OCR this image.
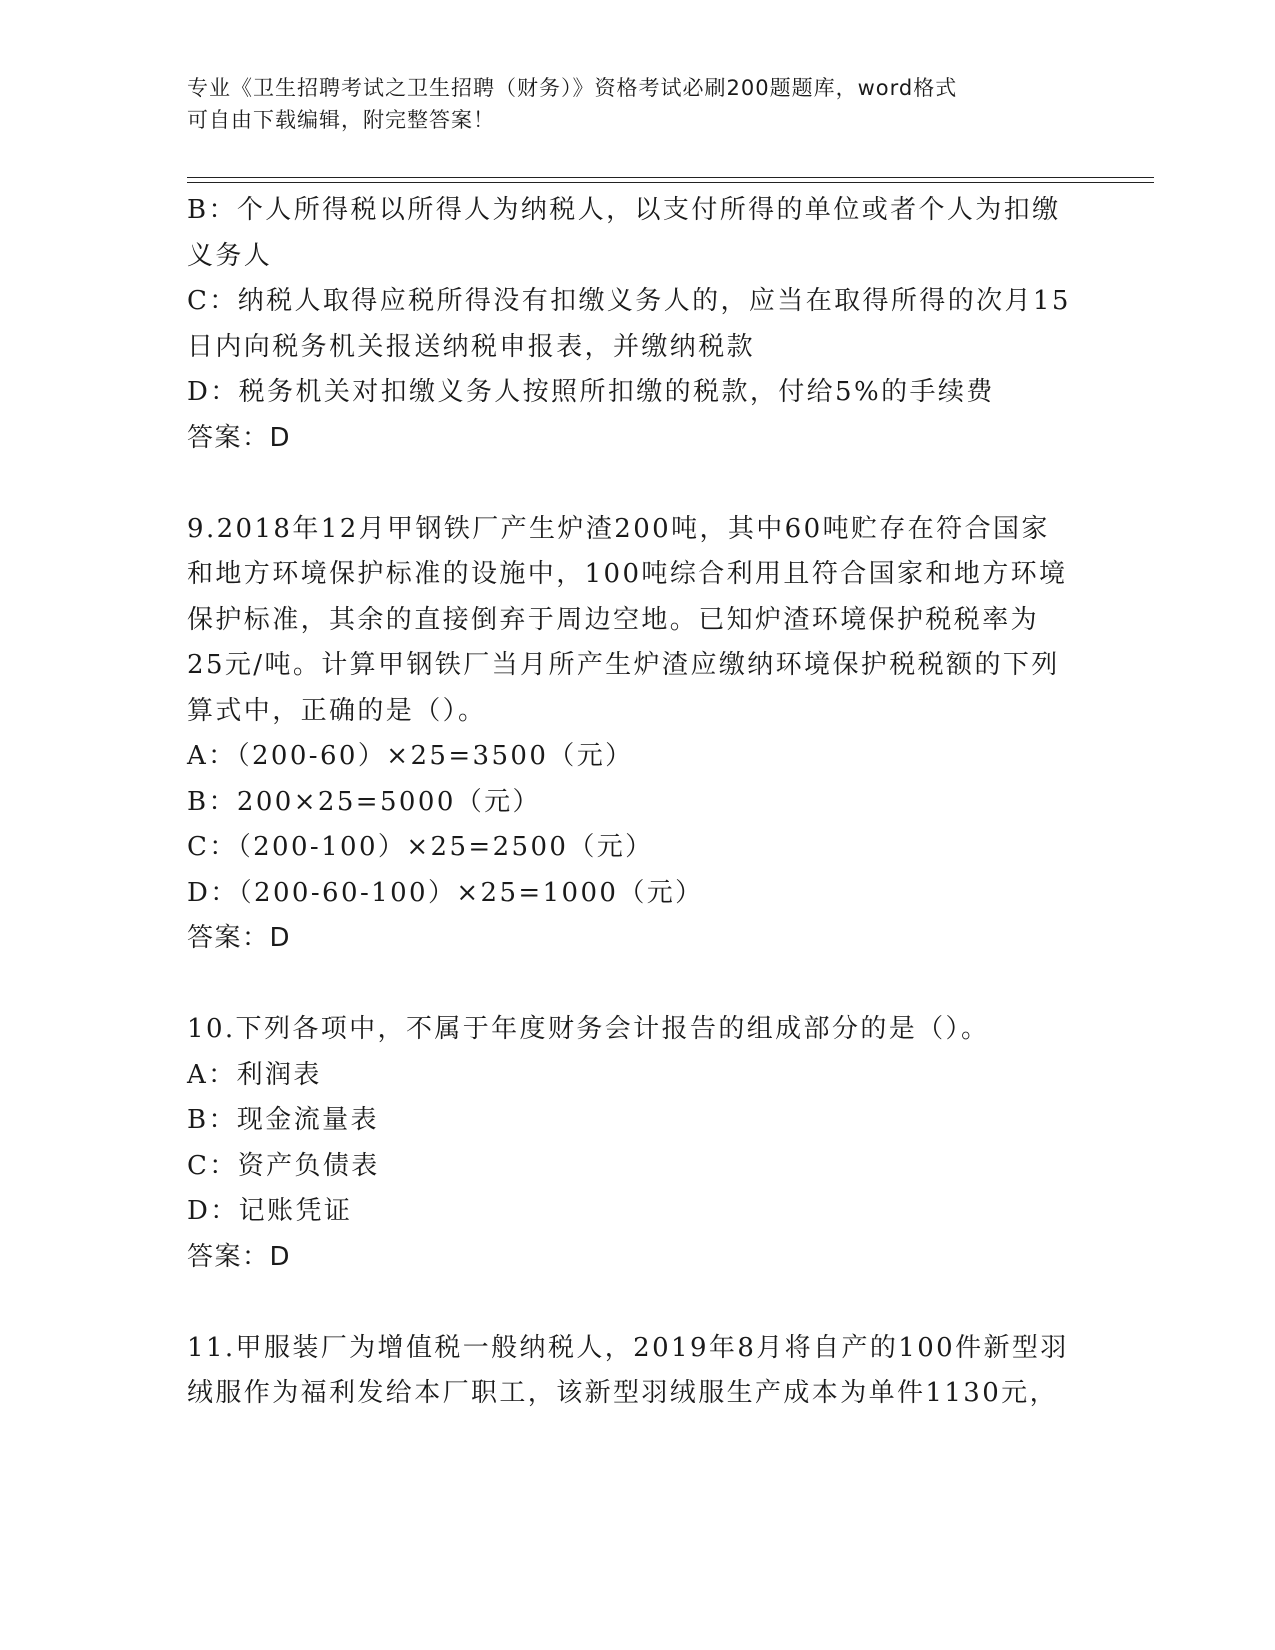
专业《卫生招聘考试之卫生招聘（财务）》资格考试必刷200题题库，word格式
可自由下载编辑，附完整答案！

B：个人所得税以所得人为纳税人，以支付所得的单位或者个人为扣缴

义务人

C：纳税人取得应税所得没有扣缴义务人的，应当在取得所得的次月15

日内向税务机关报送纳税申报表，并缴纳税款

D：税务机关对扣缴义务人按照所扣缴的税款，付给5%的手续费

答案：D

9.2018年12月甲钢铁厂产生炉渣200吨，其中60吨贮存在符合国家

和地方环境保护标准的设施中，100吨综合利用且符合国家和地方环境

保护标准，其余的直接倒弃于周边空地。已知炉渣环境保护税税率为

25元/吨。计算甲钢铁厂当月所产生炉渣应缴纳环境保护税税额的下列

算式中，正确的是（）。

A：（200-60）×25=3500（元）

B：200×25=5000（元）

C：（200-100）×25=2500（元）

D：（200-60-100）×25=1000（元）

答案：D

10.下列各项中，不属于年度财务会计报告的组成部分的是（）。

A：利润表

B：现金流量表

C：资产负债表

D：记账凭证

答案：D

11.甲服装厂为增值税一般纳税人，2019年8月将自产的100件新型羽

绒服作为福利发给本厂职工，该新型羽绒服生产成本为单件1130元，
